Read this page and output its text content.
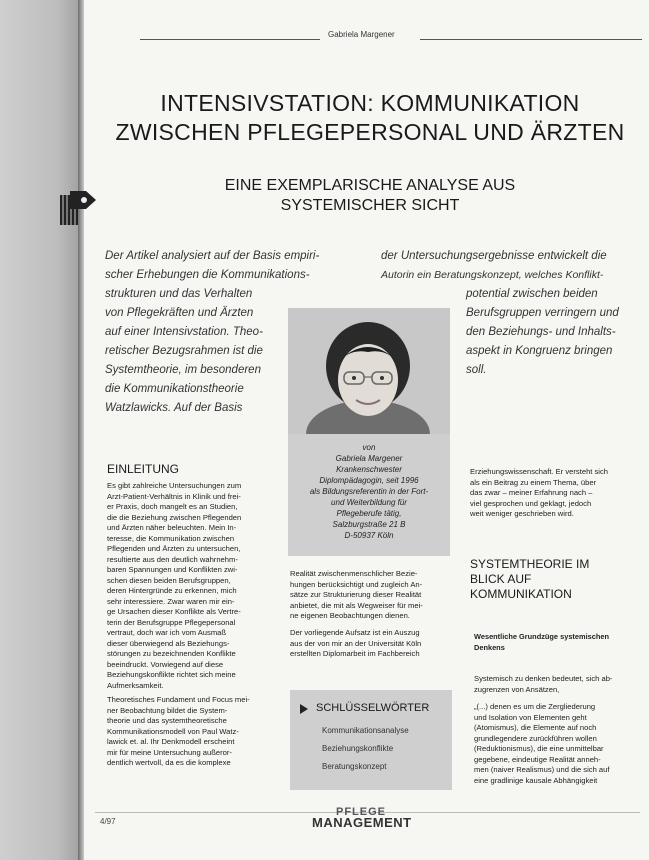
Gabriela Margener
INTENSIVSTATION: KOMMUNIKATION
ZWISCHEN PFLEGEPERSONAL UND ÄRZTEN
EINE EXEMPLARISCHE ANALYSE AUS
SYSTEMISCHER SICHT
Der Artikel analysiert auf der Basis empiri-
scher Erhebungen die Kommunikations-
strukturen und das Verhalten
von Pflegekräften und Ärzten
auf einer Intensivstation. Theo-
retischer Bezugsrahmen ist die
Systemtheorie, im besonderen
die Kommunikationstheorie
Watzlawicks. Auf der Basis
der Untersuchungsergebnisse entwickelt die
Autorin ein Beratungskonzept, welches Konflikt-
potential zwischen beiden
Berufsgruppen verringern und
den Beziehungs- und Inhalts-
aspekt in Kongruenz bringen
soll.
von
Gabriela Margener
Krankenschwester
Diplompädagogin, seit 1996
als Bildungsreferentin in der Fort-
und Weiterbildung für
Pflegeberufe tätig,
Salzburgstraße 21 B
D-50937 Köln
EINLEITUNG
Es gibt zahlreiche Untersuchungen zum
Arzt-Patient-Verhältnis in Klinik und frei-
er Praxis, doch mangelt es an Studien,
die die Beziehung zwischen Pflegenden
und Ärzten näher beleuchten. Mein In-
teresse, die Kommunikation zwischen
Pflegenden und Ärzten zu untersuchen,
resultierte aus den deutlich wahrnehm-
baren Spannungen und Konflikten zwi-
schen diesen beiden Berufsgruppen,
deren Hintergründe zu erkennen, mich
sehr interessiere. Zwar waren mir ein-
ge Ursachen dieser Konflikte als Vertre-
terin der Berufsgruppe Pflegepersonal
vertraut, doch war ich vom Ausmaß
dieser überwiegend als Beziehungs-
störungen zu bezeichnenden Konflikte
beeindruckt. Vorwiegend auf diese
Beziehungskonflikte richtet sich meine
Aufmerksamkeit.
Theoretisches Fundament und Focus mei-
ner Beobachtung bildet die System-
theorie und das systemtheoretische
Kommunikationsmodell von Paul Watz-
lawick et. al. Ihr Denkmodell erscheint
mir für meine Untersuchung außeror-
dentlich wertvoll, da es die komplexe
Realität zwischenmenschlicher Bezie-
hungen berücksichtigt und zugleich An-
sätze zur Strukturierung dieser Realität
anbietet, die mit als Wegweiser für mei-
ne eigenen Beobachtungen dienen.
Der vorliegende Aufsatz ist ein Auszug
aus der von mir an der Universität Köln
erstellten Diplomarbeit im Fachbereich
SCHLÜSSELWÖRTER
Kommunikationsanalyse
Beziehungskonflikte
Beratungskonzept
Erziehungswissenschaft. Er versteht sich
als ein Beitrag zu einem Thema, über
das zwar – meiner Erfahrung nach –
viel gesprochen und geklagt, jedoch
weit weniger geschrieben wird.
SYSTEMTHEORIE IM
BLICK AUF
KOMMUNIKATION
Wesentliche Grundzüge systemischen
Denkens
Systemisch zu denken bedeutet, sich ab-
zugrenzen von Ansätzen,
„(...) denen es um die Zergliederung
und Isolation von Elementen geht
(Atomismus), die Elemente auf noch
grundlegendere zurückführen wollen
(Reduktionismus), die eine unmittelbar
gegebene, eindeutige Realität anneh-
men (naiver Realismus) und die sich auf
eine gradlinige kausale Abhängigkeit
PFLEGE
MANAGEMENT
4/97
